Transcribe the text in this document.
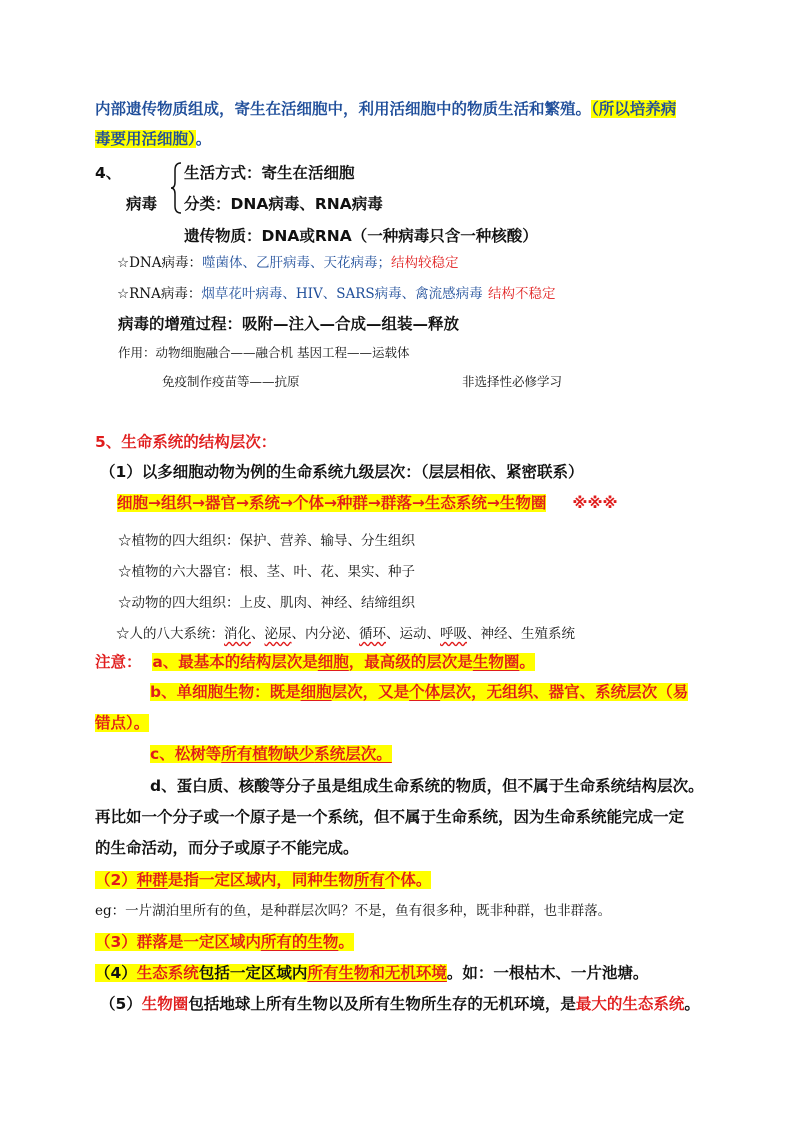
内部遗传物质组成，寄生在活细胞中，利用活细胞中的物质生活和繁殖。（所以培养病
毒要用活细胞）。
4、	生活方式：寄生在活细胞
病毒 分类：DNA病毒、RNA病毒
遗传物质：DNA或RNA（一种病毒只含一种核酸）
☆DNA病毒：噬菌体、乙肝病毒、天花病毒；结构较稳定
☆RNA病毒：烟草花叶病毒、HIV、SARS病毒、禽流感病毒 结构不稳定
病毒的增殖过程：吸附—注入—合成—组装—释放
作用：动物细胞融合——融合机 基因工程——运载体
免疫制作疫苗等——抗原	非选择性必修学习
5、生命系统的结构层次：
（1）以多细胞动物为例的生命系统九级层次：（层层相依、紧密联系）
细胞→组织→器官→系统→个体→种群→群落→生态系统→生物圈 ※※※
☆植物的四大组织：保护、营养、输导、分生组织
☆植物的六大器官：根、茎、叶、花、果实、种子
☆动物的四大组织：上皮、肌肉、神经、结缔组织
☆人的八大系统：消化、泌尿、内分泌、循环、运动、呼吸、神经、生殖系统
注意： a、最基本的结构层次是细胞，最高级的层次是生物圈。
b、单细胞生物：既是细胞层次，又是个体层次，无组织、器官、系统层次（易
错点）。
c、松树等所有植物缺少系统层次。
d、蛋白质、核酸等分子虽是组成生命系统的物质，但不属于生命系统结构层次。
再比如一个分子或一个原子是一个系统，但不属于生命系统，因为生命系统能完成一定
的生命活动，而分子或原子不能完成。
（2）种群是指一定区域内，同种生物所有个体。
eg：一片湖泊里所有的鱼，是种群层次吗？不是，鱼有很多种，既非种群，也非群落。
（3）群落是一定区域内所有的生物。
（4）生态系统包括一定区域内所有生物和无机环境。如：一根枯木、一片池塘。
（5）生物圈包括地球上所有生物以及所有生物所生存的无机环境，是最大的生态系统。
